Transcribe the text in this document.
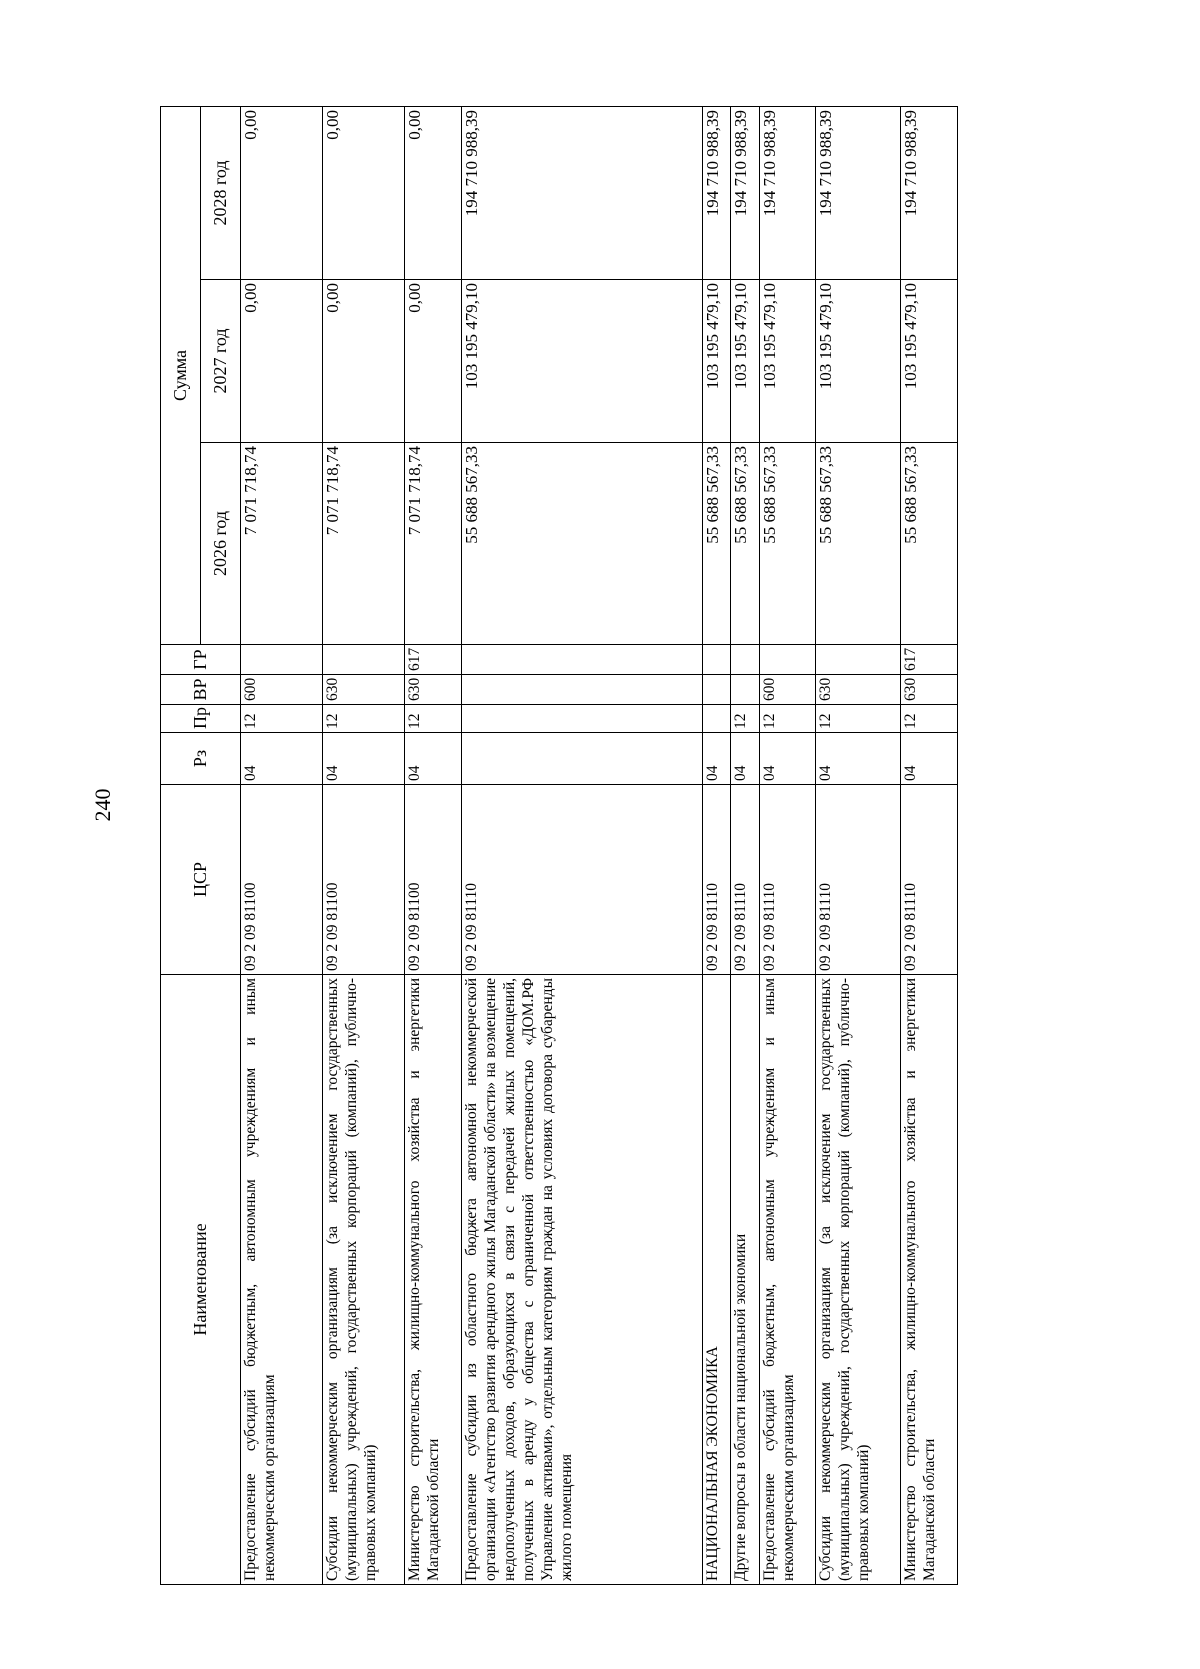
240
Наименование	ЦСР	Рз	Пр	ВР	ГР	Сумма		
						2026 год	2027 год	2028 год
Предоставление субсидий бюджетным, автономным учреждениям и иным некоммерческим организациям	09 2 09 81100	04	12	600		7 071 718,74	0,00	0,00
Субсидии некоммерческим организациям (за исключением государственных (муниципальных) учреждений, государственных корпораций (компаний), публично-правовых компаний)	09 2 09 81100	04	12	630		7 071 718,74	0,00	0,00
Министерство строительства, жилищно-коммунального хозяйства и энергетики Магаданской области	09 2 09 81100	04	12	630	617	7 071 718,74	0,00	0,00
Предоставление субсидии из областного бюджета автономной некоммерческой организации «Агентство развития арендного жилья Магаданской области» на возмещение недополученных доходов, образующихся в связи с передачей жилых помещений, полученных в аренду у общества с ограниченной ответственностью «ДОМ.РФ Управление активами», отдельным категориям граждан на условиях договора субаренды жилого помещения	09 2 09 81110					55 688 567,33	103 195 479,10	194 710 988,39
НАЦИОНАЛЬНАЯ ЭКОНОМИКА	09 2 09 81110	04				55 688 567,33	103 195 479,10	194 710 988,39
Другие вопросы в области национальной экономики	09 2 09 81110	04	12			55 688 567,33	103 195 479,10	194 710 988,39
Предоставление субсидий бюджетным, автономным учреждениям и иным некоммерческим организациям	09 2 09 81110	04	12	600		55 688 567,33	103 195 479,10	194 710 988,39
Субсидии некоммерческим организациям (за исключением государственных (муниципальных) учреждений, государственных корпораций (компаний), публично-правовых компаний)	09 2 09 81110	04	12	630		55 688 567,33	103 195 479,10	194 710 988,39
Министерство строительства, жилищно-коммунального хозяйства и энергетики Магаданской области	09 2 09 81110	04	12	630	617	55 688 567,33	103 195 479,10	194 710 988,39
